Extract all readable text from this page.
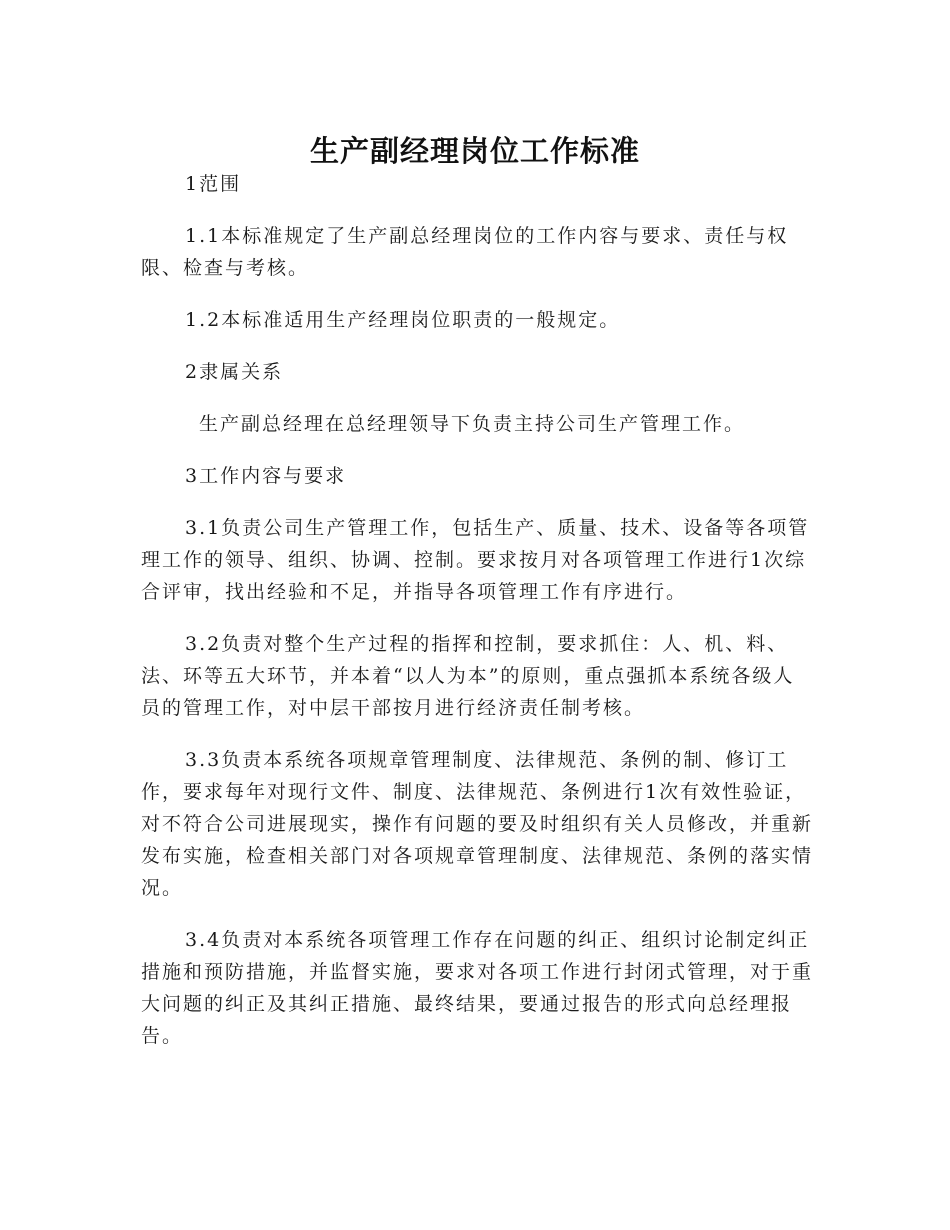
生产副经理岗位工作标准

1范围

1.1本标准规定了生产副总经理岗位的工作内容与要求、责任与权限、检查与考核。

1.2本标准适用生产经理岗位职责的一般规定。

2隶属关系

生产副总经理在总经理领导下负责主持公司生产管理工作。

3工作内容与要求

3.1负责公司生产管理工作，包括生产、质量、技术、设备等各项管理工作的领导、组织、协调、控制。要求按月对各项管理工作进行1次综合评审，找出经验和不足，并指导各项管理工作有序进行。

3.2负责对整个生产过程的指挥和控制，要求抓住：人、机、料、法、环等五大环节，并本着“以人为本”的原则，重点强抓本系统各级人员的管理工作，对中层干部按月进行经济责任制考核。

3.3负责本系统各项规章管理制度、法律规范、条例的制、修订工作，要求每年对现行文件、制度、法律规范、条例进行1次有效性验证，对不符合公司进展现实，操作有问题的要及时组织有关人员修改，并重新发布实施，检查相关部门对各项规章管理制度、法律规范、条例的落实情况。

3.4负责对本系统各项管理工作存在问题的纠正、组织讨论制定纠正措施和预防措施，并监督实施，要求对各项工作进行封闭式管理，对于重大问题的纠正及其纠正措施、最终结果，要通过报告的形式向总经理报告。
